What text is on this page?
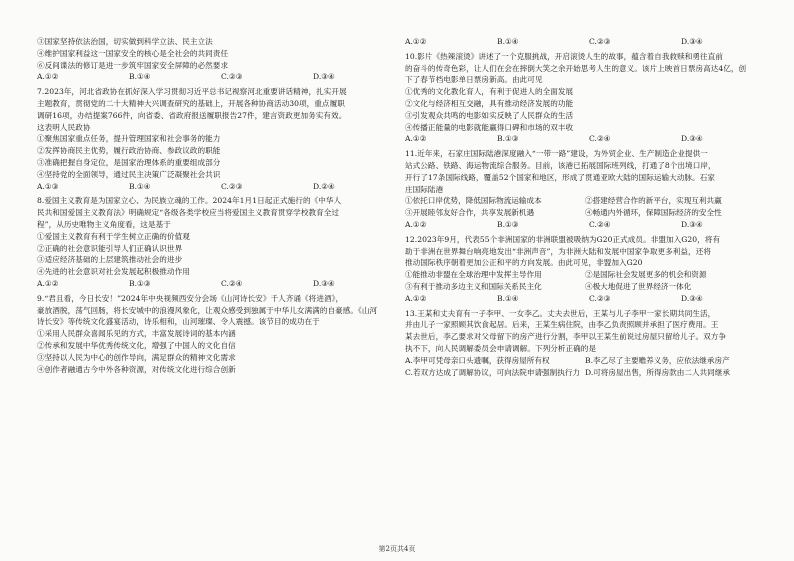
③国家坚持依法治国，切实做到科学立法、民主立法
④维护国家利益这一国家安全的核心是全社会的共同责任
⑥反间谍法的修订是进一步筑牢国家安全屏障的必然要求
A.①②	B.①④	C.②③	D.③④
7.2023年，河北省政协在抓好深入学习贯彻习近平总书记视察河北重要讲话精神，扎实开展
主题教育，贯彻党的二十大精神大兴调查研究的基础上，开展各种协商活动30项，重点履职
调研16项，办结提案766件，向省委、省政府报送履职报告27件，建言资政更加务实有效。
这表明人民政协
①聚焦国家重点任务，提升管理国家和社会事务的能力
②发挥协商民主优势，履行政治协商、参政议政的职能
③准确把握自身定位，是国家治理体系的重要组成部分
④坚持党的全面领导，通过民主决策广泛凝聚社会共识
A.①③	B.①④	C.②③	D.②④
8.爱国主义教育是为国家立心、为民族立魂的工作。2024年1月1日起正式施行的《中华人
民共和国爱国主义教育法》明确规定“各级各类学校应当将爱国主义教育贯穿学校教育全过
程”，从历史唯物主义角度看，这是基于
①爱国主义教育有利于学生树立正确的价值观
②正确的社会意识能引导人们正确认识世界
③适应经济基础的上层建筑推动社会的进步
④先进的社会意识对社会发展起积极推动作用
A.①②	B.①③	C.②④	D.③④
9.“君且看，今日长安！”2024年中央视频西安分会场《山河诗长安》千人齐诵《将进酒》，
豪放酒脱，荡气回肠，将长安城中的浪漫风象化，让观众感受到独属于中华儿女满满的自豪感。《山河
诗长安》等传统文化盛宴活动，诗乐相和，山河璀璨、令人震撼。该节目的成功在于
①采用人民群众喜闻乐见的方式，丰富发展诗词的基本内涵
②传承和发展中华优秀传统文化，增强了中国人的文化自信
③坚持以人民为中心的创作导向，满足群众的精神文化需求
④创作者融通古今中外各种资源，对传统文化进行综合创新
A.①②	B.①④	C.②③	D.③④
10.影片《热辣滚烫》讲述了一个克服挑战，开启滚烫人生的故事，蕴含着自我救赎和勇往直前
的奋斗的传奇色彩，让人们在会在摔倒大笑之余开始思考人生的意义。该片上映首日票房高达4亿，创
下了春节档电影单日票房新高。由此可见
①优秀的文化教化育人，有利于促进人的全面发展
②文化与经济相互交融，具有推动经济发展的功能
③引发观众共鸣的电影如实反映了人民群众的生活
④传播正能量的电影就能赢得口碑和市场的双丰收
A.①②	B.①③	C.②④	D.③④
11.近年来，石家庄国际陆港深度融入“一带一路”建设，为外贸企业、生产制造企业提供一
站式公路、铁路、海运物流综合服务。目前，该港已拓展国际班列线，打通了8个出境口岸，
开行了17条国际线路，覆盖52个国家和地区，形成了贯通亚欧大陆的国际运输大动脉。石家
庄国际陆港
①依托口岸优势，降低国际物流运输成本	②搭建经营合作的新平台，实现互利共赢
③开展睦邻友好合作，共享发展新机遇	④畅通内外循环，保障国际经济的安全性
A.①②	B.①③	C.②④	D.③④
12.2023年9月，代表55个非洲国家的非洲联盟被吸纳为G20正式成员。非盟加入G20，将有
助于非洲在世界舞台响亮地发出“非洲声音”，为非洲大陆和发展中国家争取更多利益，还将
推动国际秩序朝着更加公正和平的方向发展。由此可见，非盟加入G20
①能推动非盟在全球治理中发挥主导作用	②是国际社会发展更多的机会和资源
③有利于推动多边主义和国际关系民主化	④极大地促进了世界经济一体化
A.①②	B.①④	C.②③	D.③④
13.王某和丈夫育有一子李甲、一女李乙。丈夫去世后，王某与儿子李甲一家长期共同生活，
并由儿子一家照顾其饮食起居。后来，王某生病住院，由李乙负责照顾并承担了医疗费用。王
某去世后，李乙要求对父母留下的房产进行分割，李甲以王某生前说过房屋只留给儿子。双方争
执不下，向人民调解委员会申请调解。下列分析正确的是
A.李甲可凭母亲口头遗嘱，获得房屋所有权	B.李乙尽了主要赡养义务，应依法继承房产
C.若双方达成了调解协议，可向法院申请强制执行力 D.可将房屋出售，所得房款由二人共同继承
第2页共4页
